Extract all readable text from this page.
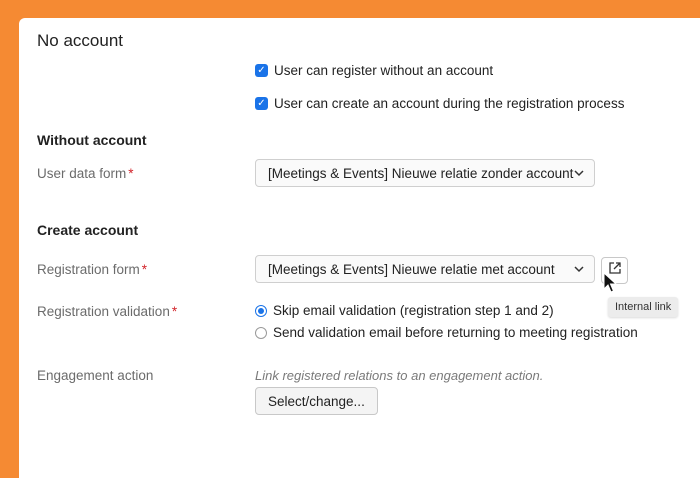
No account
✓ User can register without an account
✓ User can create an account during the registration process
Without account
User data form *	[Meetings & Events] Nieuwe relatie zonder account
Create account
Registration form *	[Meetings & Events] Nieuwe relatie met account
Internal link
Registration validation *	Skip email validation (registration step 1 and 2)
Send validation email before returning to meeting registration
Engagement action	Link registered relations to an engagement action.
Select/change...
